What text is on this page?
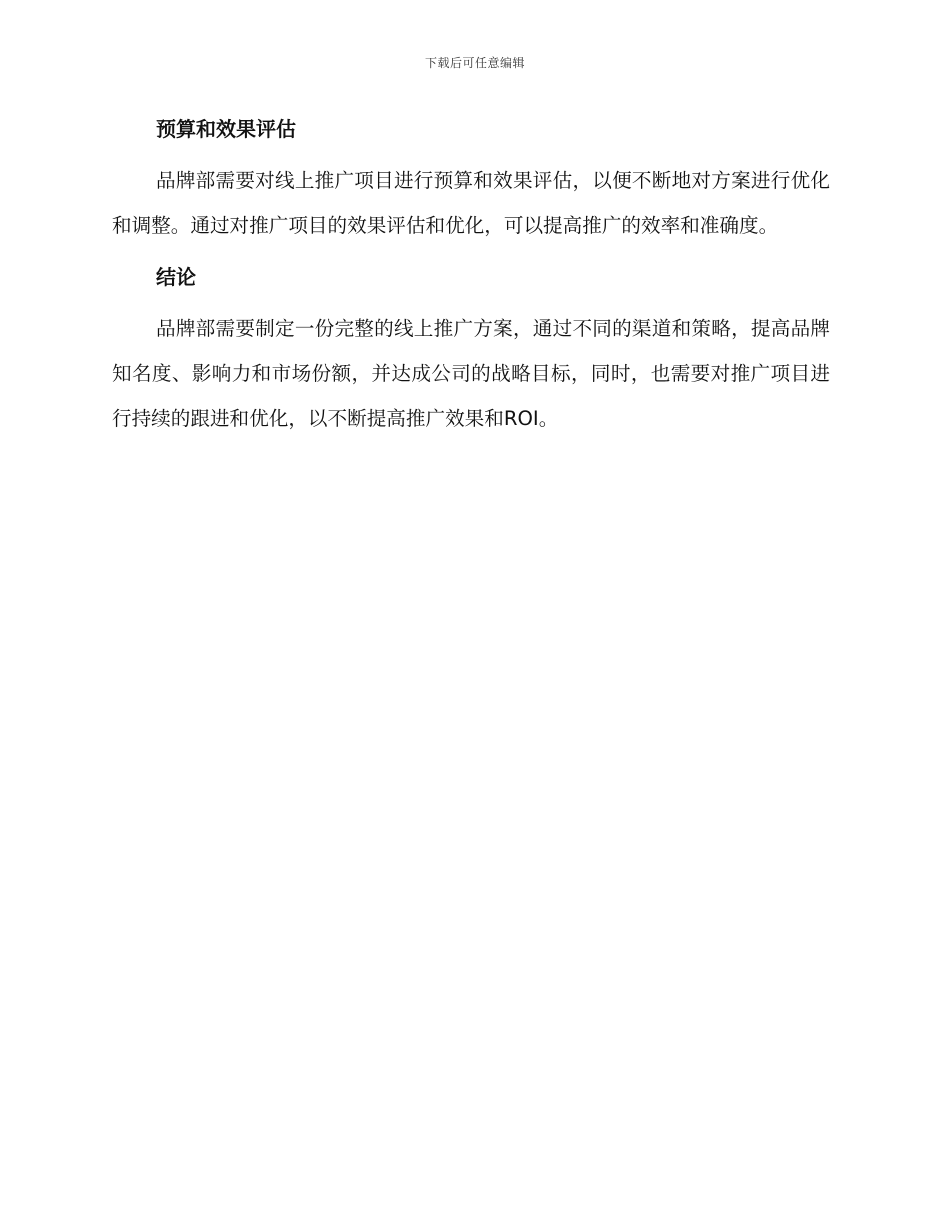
下载后可任意编辑
预算和效果评估

品牌部需要对线上推广项目进行预算和效果评估，以便不断地对方案进行优化和调整。通过对推广项目的效果评估和优化，可以提高推广的效率和准确度。

结论

品牌部需要制定一份完整的线上推广方案，通过不同的渠道和策略，提高品牌知名度、影响力和市场份额，并达成公司的战略目标，同时，也需要对推广项目进行持续的跟进和优化，以不断提高推广效果和ROI。
